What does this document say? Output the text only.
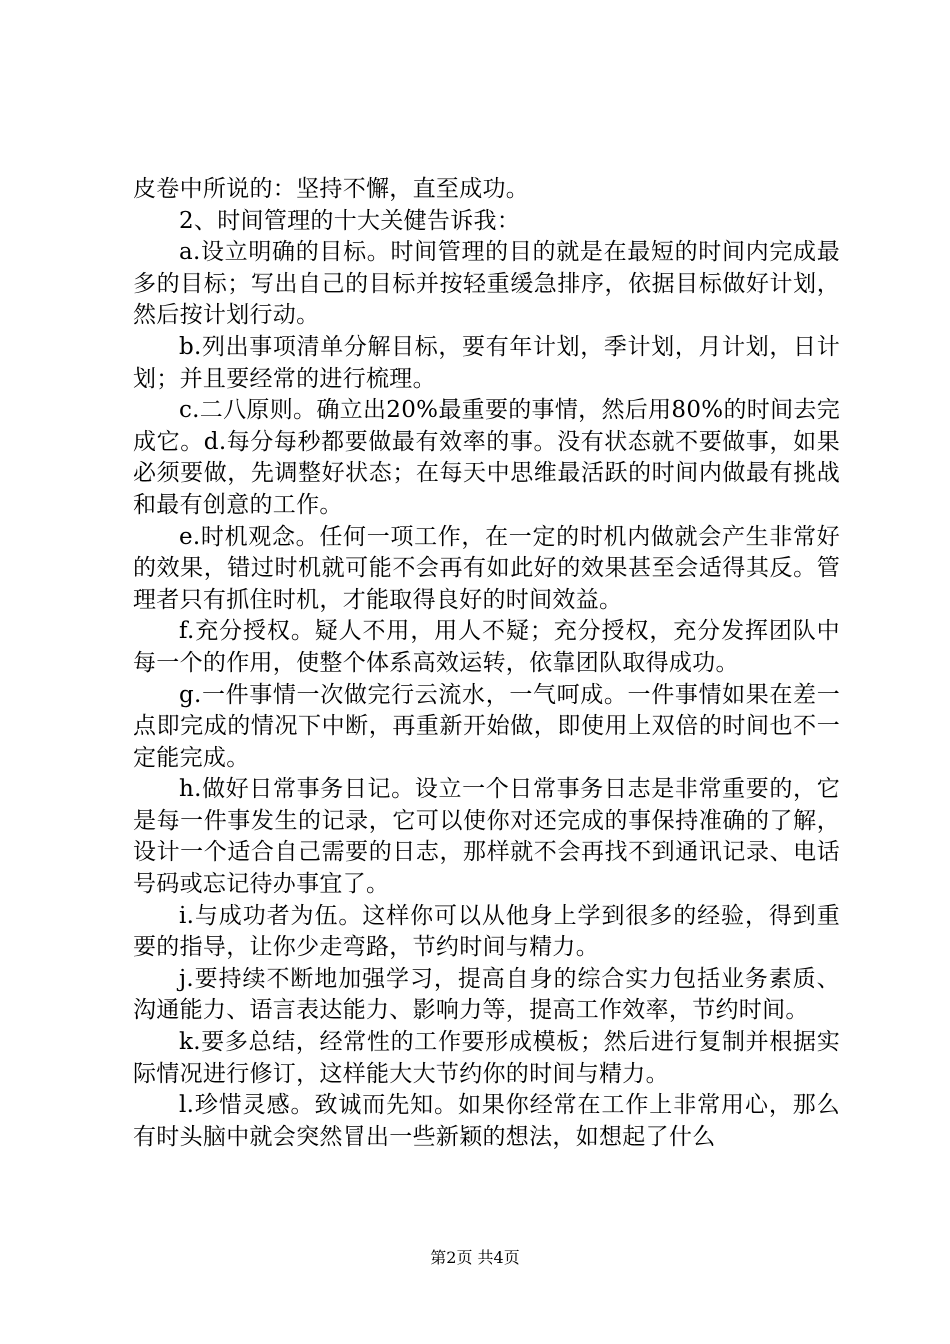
皮卷中所说的：坚持不懈，直至成功。

2、时间管理的十大关健告诉我：

a.设立明确的目标。时间管理的目的就是在最短的时间内完成最多的目标；写出自己的目标并按轻重缓急排序，依据目标做好计划，然后按计划行动。

b.列出事项清单分解目标，要有年计划，季计划，月计划，日计划；并且要经常的进行梳理。

c.二八原则。确立出20%最重要的事情，然后用80%的时间去完成它。d.每分每秒都要做最有效率的事。没有状态就不要做事，如果必须要做，先调整好状态；在每天中思维最活跃的时间内做最有挑战和最有创意的工作。

e.时机观念。任何一项工作，在一定的时机内做就会产生非常好的效果，错过时机就可能不会再有如此好的效果甚至会适得其反。管理者只有抓住时机，才能取得良好的时间效益。

f.充分授权。疑人不用，用人不疑；充分授权，充分发挥团队中每一个的作用，使整个体系高效运转，依靠团队取得成功。

g.一件事情一次做完行云流水，一气呵成。一件事情如果在差一点即完成的情况下中断，再重新开始做，即使用上双倍的时间也不一定能完成。

h.做好日常事务日记。设立一个日常事务日志是非常重要的，它是每一件事发生的记录，它可以使你对还完成的事保持准确的了解，设计一个适合自己需要的日志，那样就不会再找不到通讯记录、电话号码或忘记待办事宜了。

i.与成功者为伍。这样你可以从他身上学到很多的经验，得到重要的指导，让你少走弯路，节约时间与精力。

j.要持续不断地加强学习，提高自身的综合实力包括业务素质、沟通能力、语言表达能力、影响力等，提高工作效率，节约时间。

k.要多总结，经常性的工作要形成模板；然后进行复制并根据实际情况进行修订，这样能大大节约你的时间与精力。

l.珍惜灵感。致诚而先知。如果你经常在工作上非常用心，那么有时头脑中就会突然冒出一些新颖的想法，如想起了什么

第2页 共4页
